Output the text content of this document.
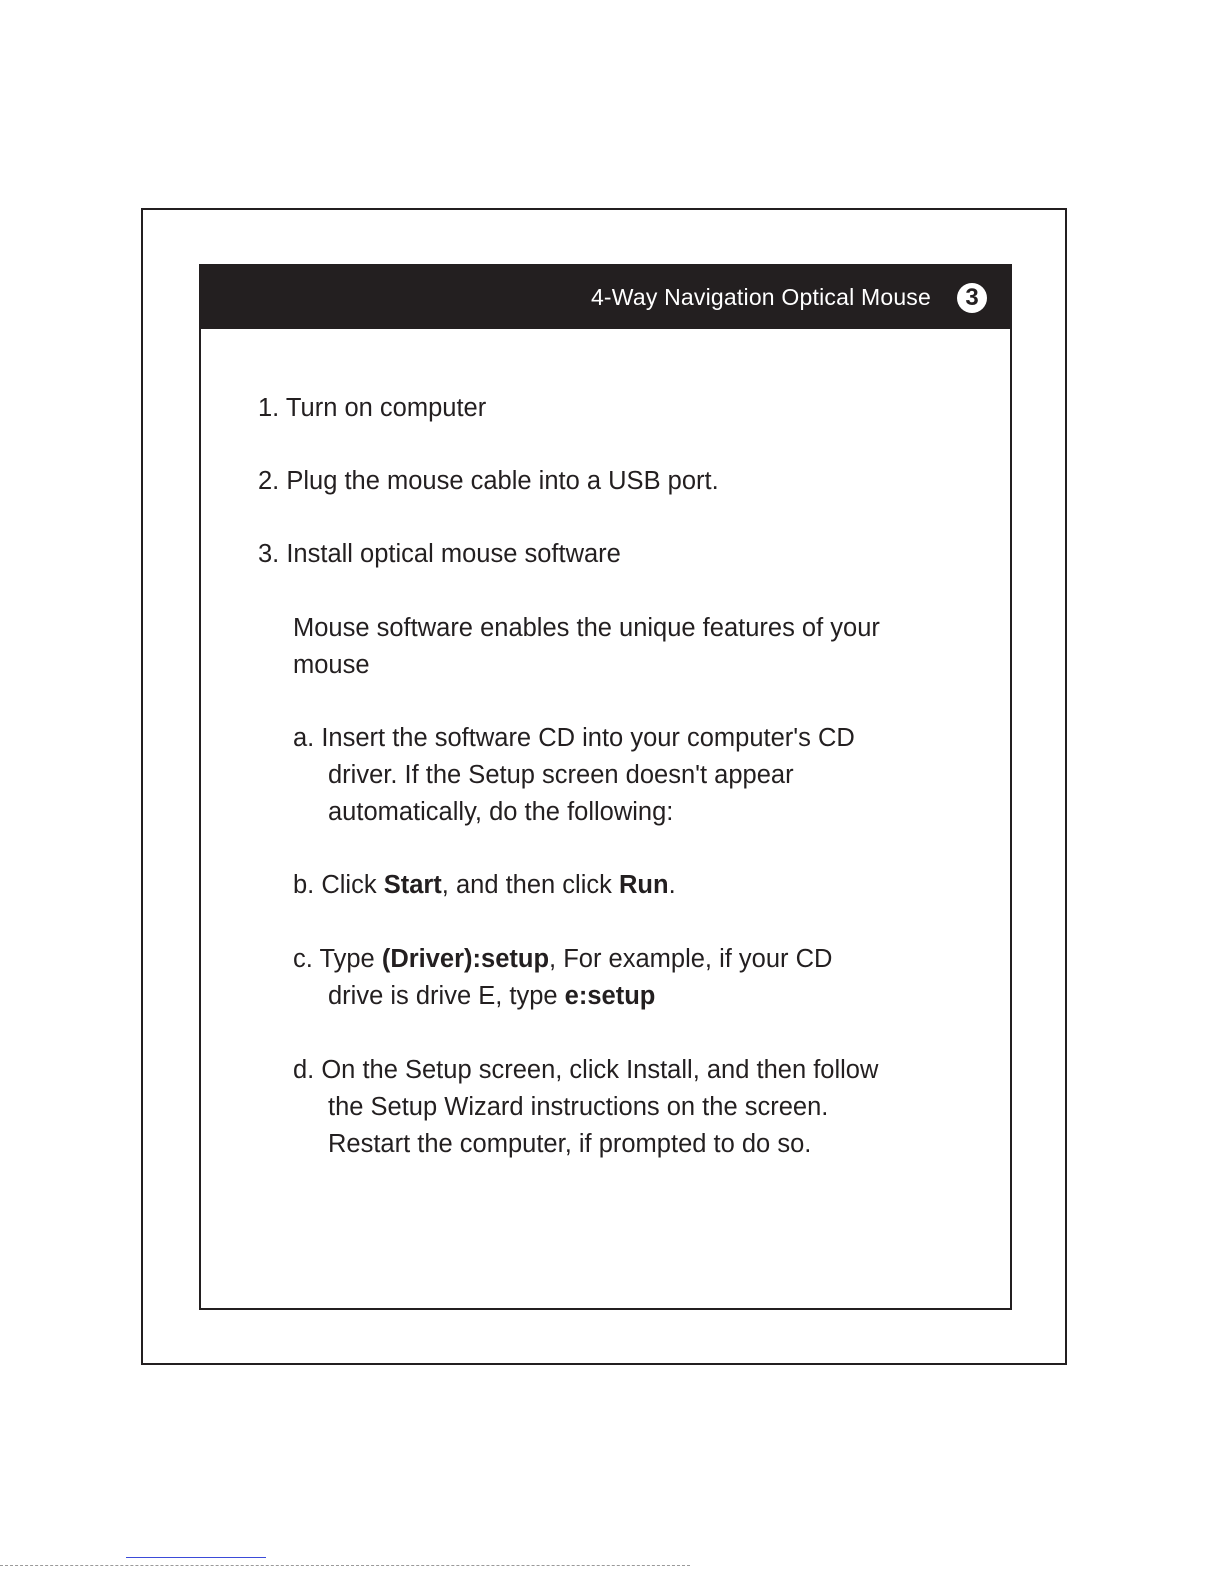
4-Way Navigation Optical Mouse	3
1. Turn on computer
2. Plug the mouse cable into a USB port.
3. Install optical mouse software
Mouse software enables the unique features of your
mouse
a. Insert the software CD into your computer's CD
driver. If the Setup screen doesn't appear
automatically, do the following:
b. Click Start, and then click Run.
c. Type (Driver):setup, For example, if your CD
drive is drive E, type e:setup
d. On the Setup screen, click Install, and then follow
the Setup Wizard instructions on the screen.
Restart the computer, if prompted to do so.
